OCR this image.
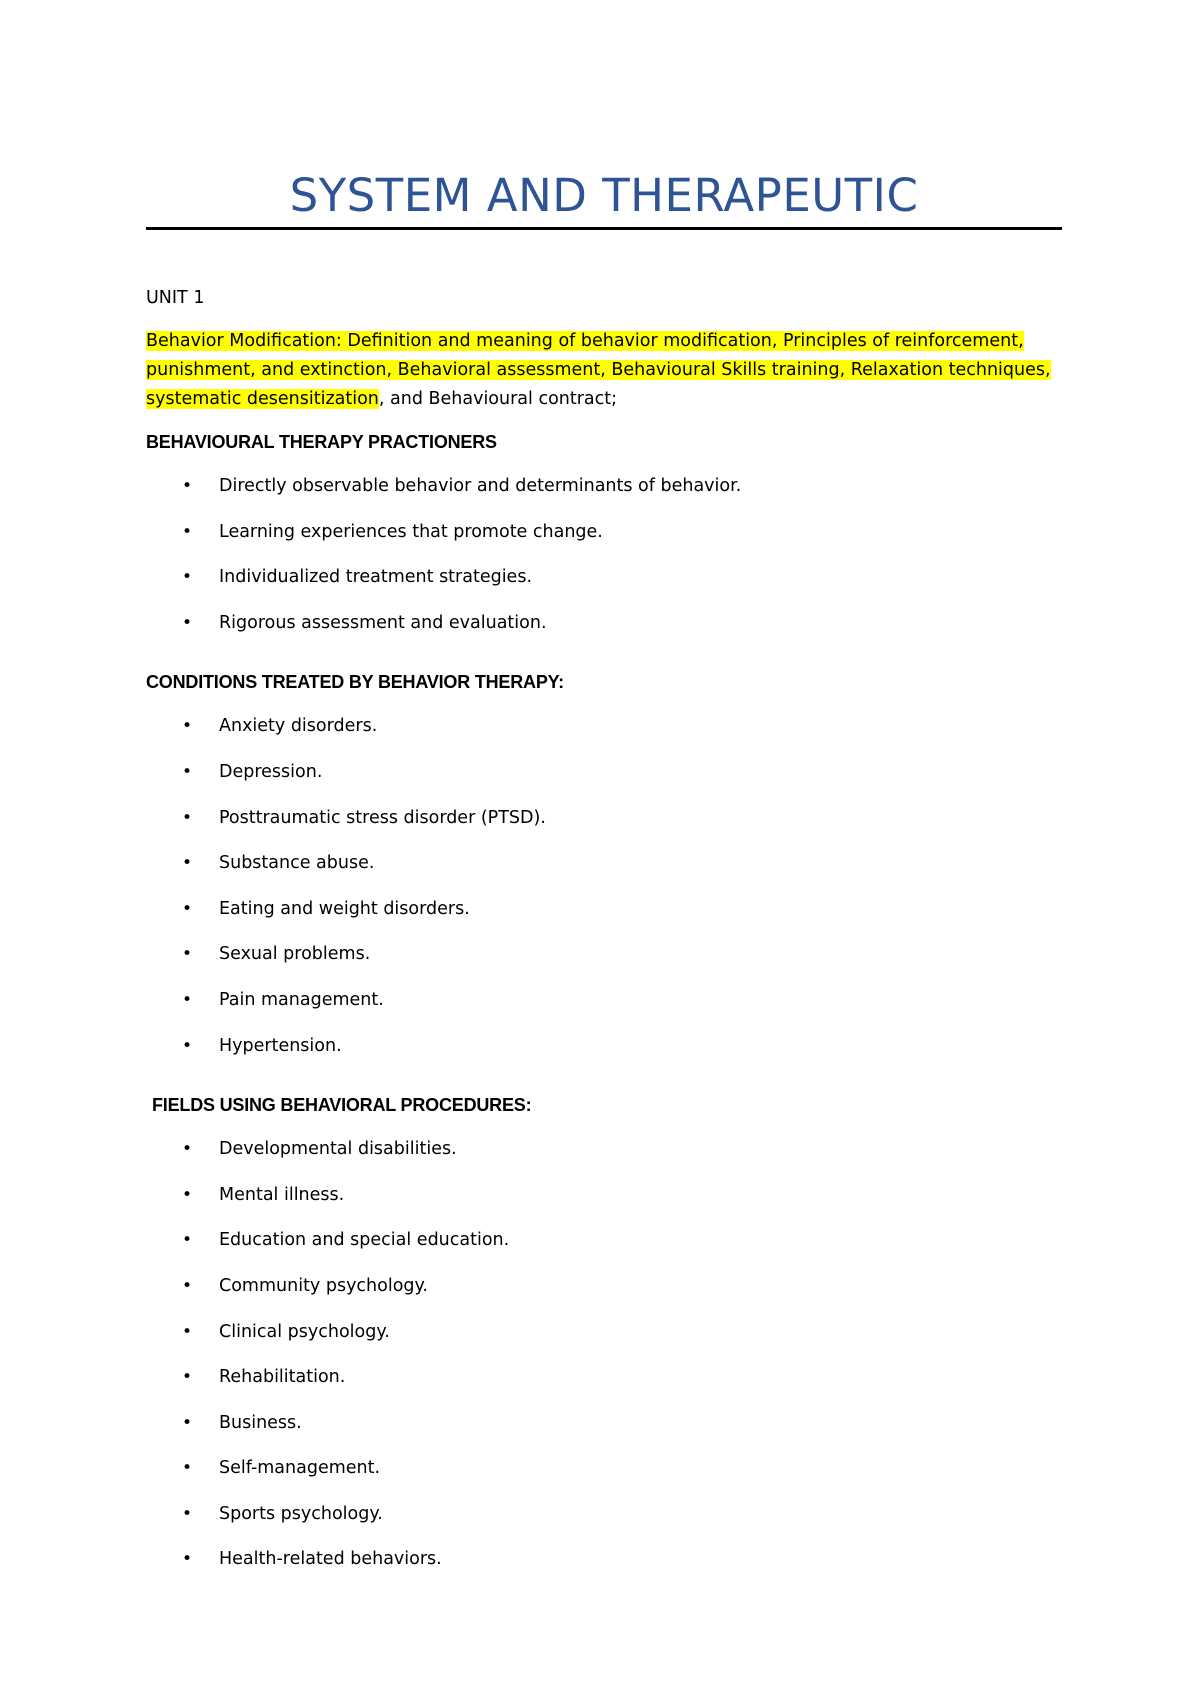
SYSTEM AND THERAPEUTIC

UNIT 1

Behavior Modification: Definition and meaning of behavior modification, Principles of reinforcement, punishment, and extinction, Behavioral assessment, Behavioural Skills training, Relaxation techniques, systematic desensitization, and Behavioural contract;

BEHAVIOURAL THERAPY PRACTIONERS

• Directly observable behavior and determinants of behavior.
• Learning experiences that promote change.
• Individualized treatment strategies.
• Rigorous assessment and evaluation.

CONDITIONS TREATED BY BEHAVIOR THERAPY:

• Anxiety disorders.
• Depression.
• Posttraumatic stress disorder (PTSD).
• Substance abuse.
• Eating and weight disorders.
• Sexual problems.
• Pain management.
• Hypertension.

FIELDS USING BEHAVIORAL PROCEDURES:

• Developmental disabilities.
• Mental illness.
• Education and special education.
• Community psychology.
• Clinical psychology.
• Rehabilitation.
• Business.
• Self-management.
• Sports psychology.
• Health-related behaviors.
